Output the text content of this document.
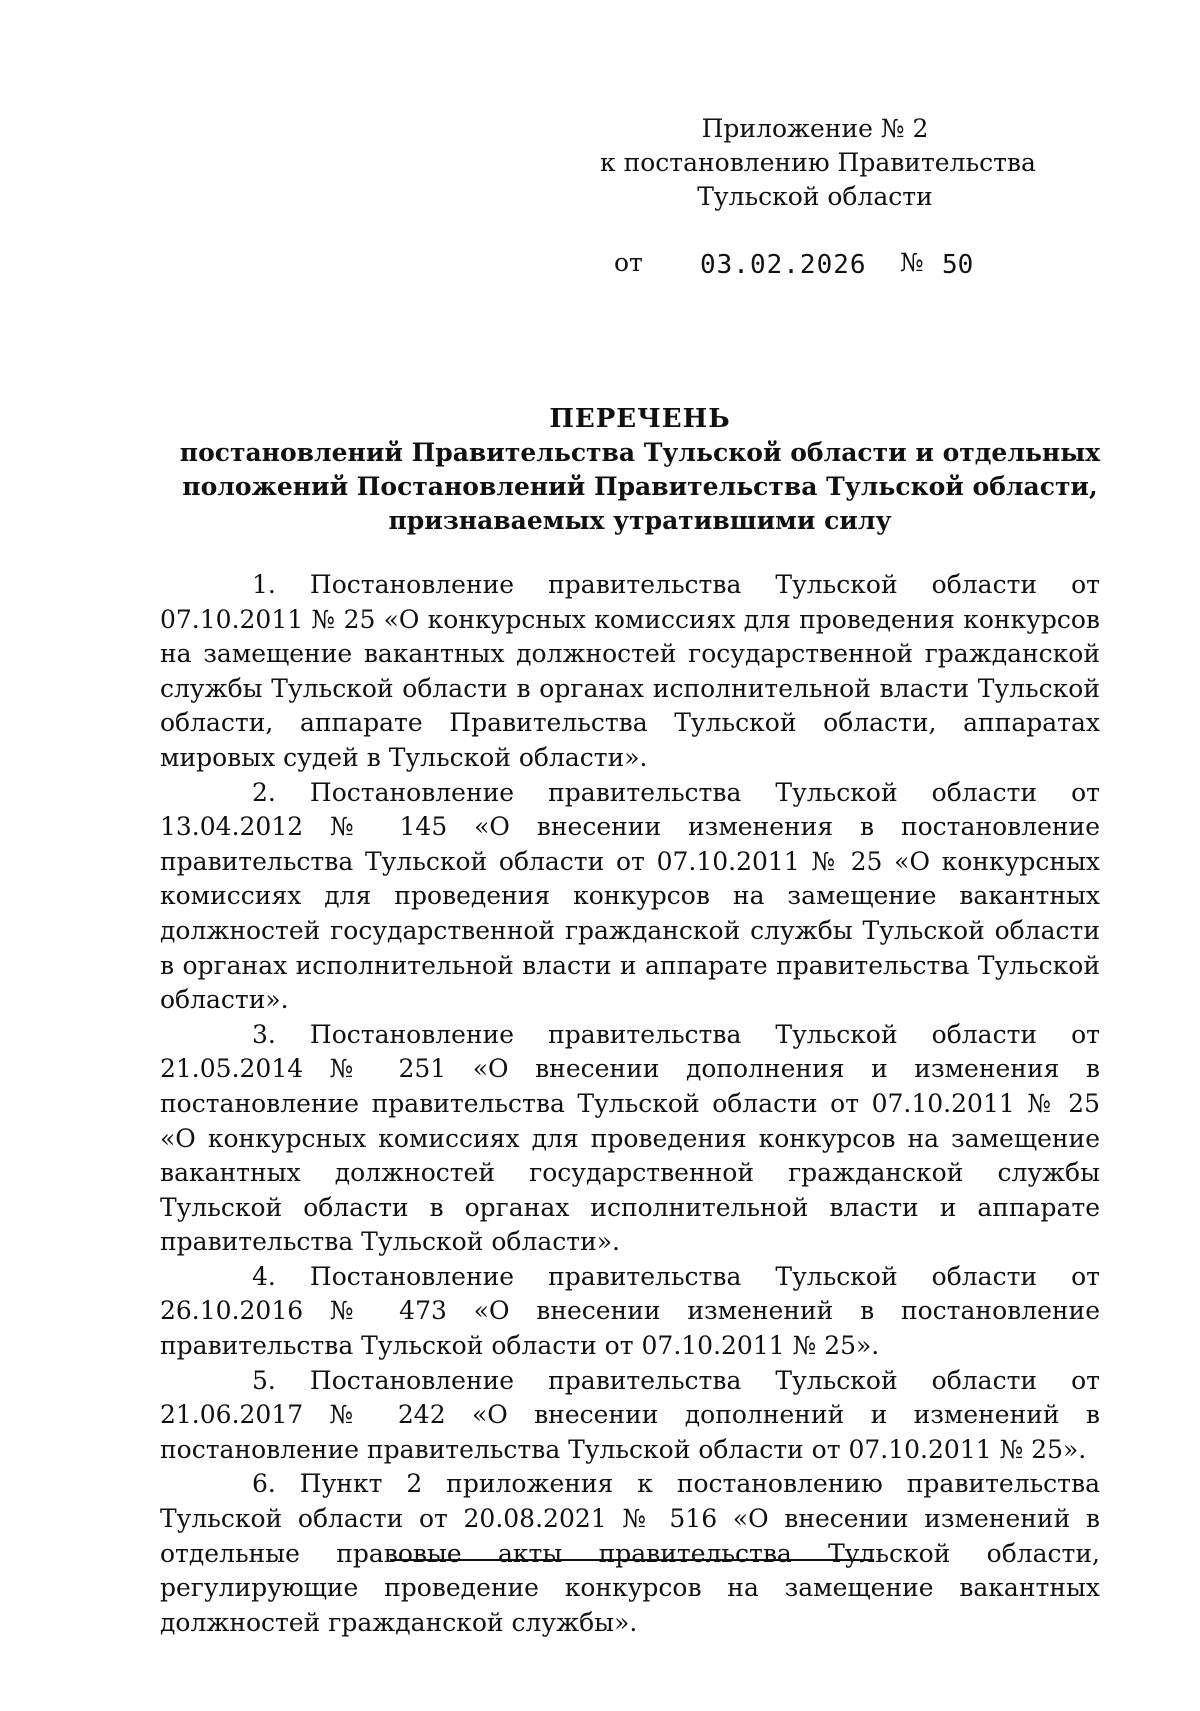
Приложение № 2
к постановлению Правительства
Тульской области
от 03.02.2026 № 50
ПЕРЕЧЕНЬ
постановлений Правительства Тульской области и отдельных
положений Постановлений Правительства Тульской области,
признаваемых утратившими силу

1. Постановление правительства Тульской области от 07.10.2011 № 25 «О конкурсных комиссиях для проведения конкурсов на замещение вакантных должностей государственной гражданской службы Тульской области в органах исполнительной власти Тульской области, аппарате Правительства Тульской области, аппаратах мировых судей в Тульской области».

2. Постановление правительства Тульской области от 13.04.2012 № 145 «О внесении изменения в постановление правительства Тульской области от 07.10.2011 № 25 «О конкурсных комиссиях для проведения конкурсов на замещение вакантных должностей государственной гражданской службы Тульской области в органах исполнительной власти и аппарате правительства Тульской области».

3. Постановление правительства Тульской области от 21.05.2014 № 251 «О внесении дополнения и изменения в постановление правительства Тульской области от 07.10.2011 № 25 «О конкурсных комиссиях для проведения конкурсов на замещение вакантных должностей государственной гражданской службы Тульской области в органах исполнительной власти и аппарате правительства Тульской области».

4. Постановление правительства Тульской области от 26.10.2016 № 473 «О внесении изменений в постановление правительства Тульской области от 07.10.2011 № 25».

5. Постановление правительства Тульской области от 21.06.2017 № 242 «О внесении дополнений и изменений в постановление правительства Тульской области от 07.10.2011 № 25».

6. Пункт 2 приложения к постановлению правительства Тульской области от 20.08.2021 № 516 «О внесении изменений в отдельные правовые акты правительства Тульской области, регулирующие проведение конкурсов на замещение вакантных должностей гражданской службы».
